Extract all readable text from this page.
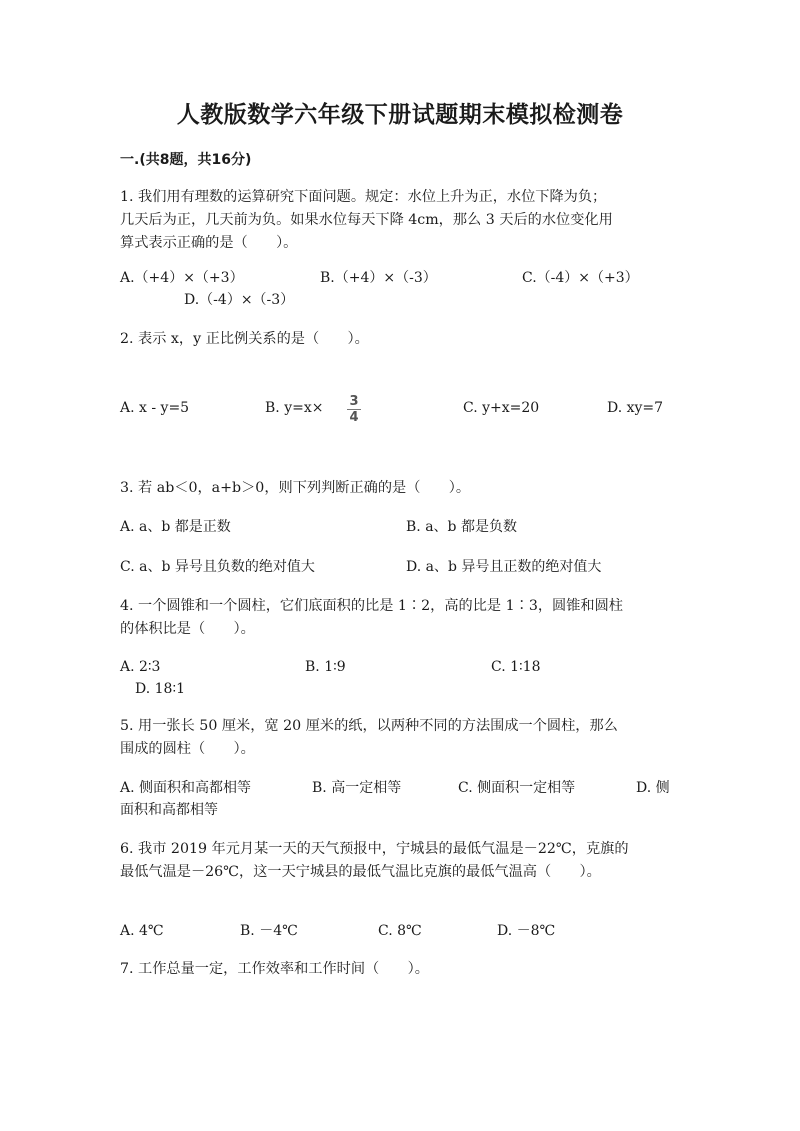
人教版数学六年级下册试题期末模拟检测卷
一.(共8题，共16分)
1. 我们用有理数的运算研究下面问题。规定：水位上升为正，水位下降为负；
几天后为正，几天前为负。如果水位每天下降 4cm，那么 3 天后的水位变化用
算式表示正确的是（　　）。
A.（+4）×（+3）	B.（+4）×（-3）	C.（-4）×（+3）
D.（-4）×（-3）
2. 表示 x，y 正比例关系的是（　　）。
A. x - y=5	B. y=x× 3
4
C. y+x=20	D. xy=7
3. 若 ab＜0，a+b＞0，则下列判断正确的是（　　）。
A. a、b 都是正数	B. a、b 都是负数
C. a、b 异号且负数的绝对值大	D. a、b 异号且正数的绝对值大
4. 一个圆锥和一个圆柱，它们底面积的比是 1∶2，高的比是 1∶3，圆锥和圆柱
的体积比是（　　）。
A. 2∶3	B. 1∶9	C. 1∶18
D. 18∶1
5. 用一张长 50 厘米，宽 20 厘米的纸，以两种不同的方法围成一个圆柱，那么
围成的圆柱（　　）。
A. 侧面积和高都相等	B. 高一定相等	C. 侧面积一定相等	D. 侧
面积和高都相等
6. 我市 2019 年元月某一天的天气预报中，宁城县的最低气温是－22℃，克旗的
最低气温是－26℃，这一天宁城县的最低气温比克旗的最低气温高（　　）。
A. 4℃	B. －4℃	C. 8℃	D. －8℃
7. 工作总量一定，工作效率和工作时间（　　）。
